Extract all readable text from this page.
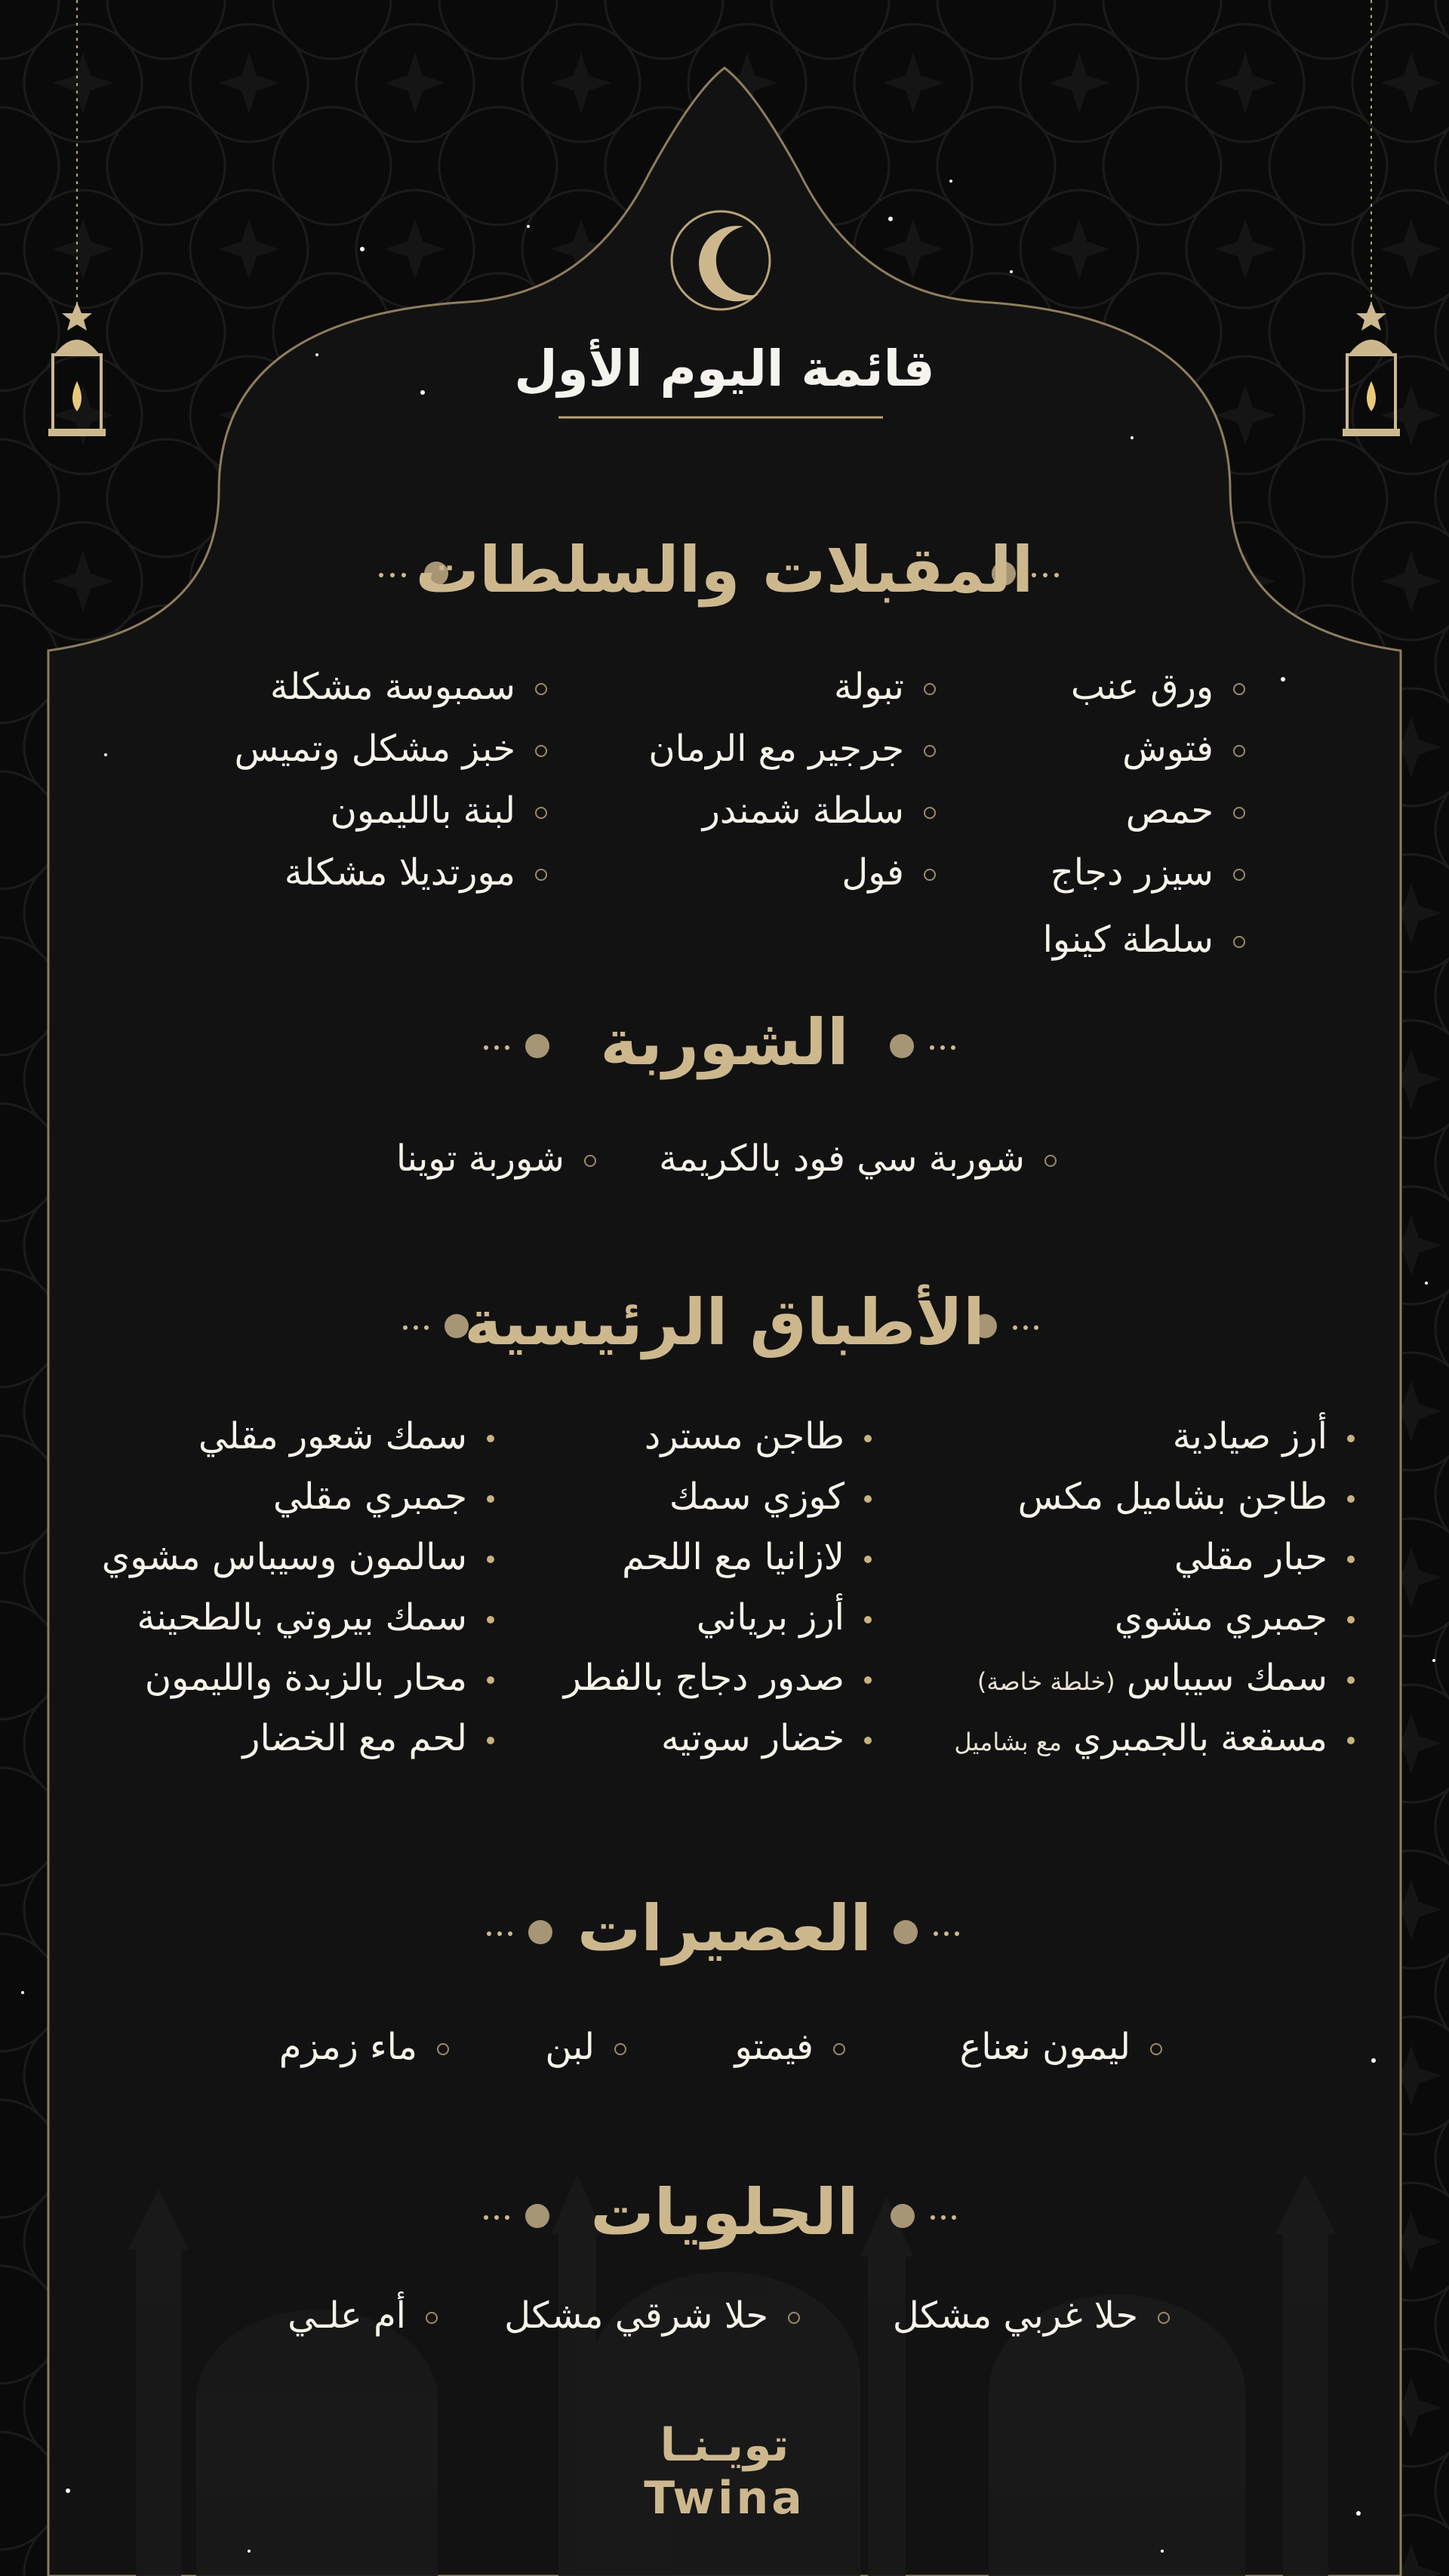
قائمة اليوم الأول
المقبلات والسلطات
ورق عنب
فتوش
حمص
سيزر دجاج
سلطة كينوا
تبولة
جرجير مع الرمان
سلطة شمندر
فول
سمبوسة مشكلة
خبز مشكل وتميس
لبنة بالليمون
مورتديلا مشكلة
الشوربة
شوربة سي فود بالكريمة
شوربة توينا
الأطباق الرئيسية
أرز صيادية
طاجن بشاميل مكس
حبار مقلي
جمبري مشوي
سمك سيباس (خلطة خاصة)
مسقعة بالجمبري مع بشاميل
طاجن مسترد
كوزي سمك
لازانيا مع اللحم
أرز برياني
صدور دجاج بالفطر
خضار سوتيه
سمك شعور مقلي
جمبري مقلي
سالمون وسيباس مشوي
سمك بيروتي بالطحينة
محار بالزبدة والليمون
لحم مع الخضار
العصيرات
ليمون نعناع
فيمتو
لبن
ماء زمزم
الحلويات
حلا غربي مشكل
حلا شرقي مشكل
أم علـي
تويـنـا
Twina
